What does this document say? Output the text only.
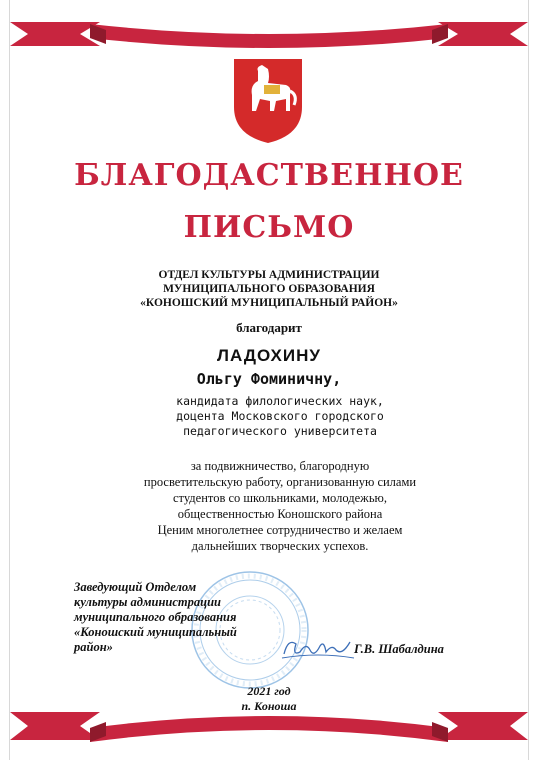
БЛАГОДАСТВЕННОЕ
ПИСЬМО
ОТДЕЛ КУЛЬТУРЫ АДМИНИСТРАЦИИ
МУНИЦИПАЛЬНОГО ОБРАЗОВАНИЯ
«КОНОШСКИЙ МУНИЦИПАЛЬНЫЙ РАЙОН»
благодарит
ЛАДОХИНУ
Ольгу Фоминичну,
кандидата филологических наук,
доцента Московского городского
педагогического университета
за подвижничество, благородную
просветительскую работу, организованную силами
студентов со школьниками, молодежью,
общественностью Коношского района
Ценим многолетнее сотрудничество и желаем
дальнейших творческих успехов.
Заведующий Отделом
культуры администрации
муниципального образования
«Коношский муниципальный
район»	Г.В. Шабалдина
2021 год
п. Коноша
